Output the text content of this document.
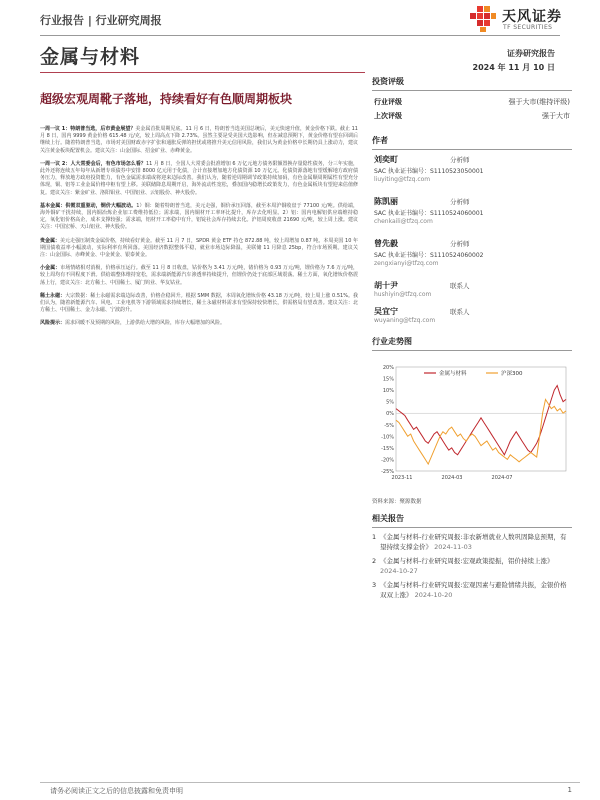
行业报告 | 行业研究周报	天风证券
TF SECURITIES
金属与材料	证券研究报告
2024 年 11 月 10 日
超级宏观周靴子落地，持续看好有色顺周期板块

一周一议 1：特朗普当选，后市黄金展望？美金属首批周期见底。11 月 6 日，特朗普当选美国总统后，美元快速升值，黄金价格下跌。截止 11 月 8 日，国内 9999 黄金价格 615.48 元/克，较上周高点下降 2.73%。虽然主要是受美国大选影响，但在减息预期下，黄金价格有望在回调后继续上行。随着特朗普当选，市场对美国财政赤字扩张和通胀反弹的担忧或将推升美元信用风险，我们认为黄金价格中长期仍具上涨动力，建议关注黄金板块配置机会。建议关注：山金国际、招金矿业、赤峰黄金。

一周一议 2：人大常委会后，有色市场怎么看？11 月 8 日，全国人大常委会批准增加 6 万亿元地方债务限额置换存量隐性债务，分三年实施，此外还将连续五年每年从新增专项债券中安排 8000 亿元用于化债，合计直接增加地方化债资源 10 万亿元。化债资源落地有望缓解地方政府债务压力，释放地方政府投资能力，有色金属需求端或将迎来边际改善。我们认为，随着逆周期调节政策持续加码，有色金属顺周期属性有望充分体现，铜、铝等工业金属价格中枢有望上移。美联储降息周期开启，海外流动性宽松，叠加国内稳增长政策发力，有色金属板块有望迎来估值修复。建议关注：紫金矿业、洛阳钼业、中国铝业、云铝股份、神火股份。

基本金属：供需双重驱动，铜价大幅波动。1）铜：随着特朗普当选，美元走强，铜价承压回落，截至本周沪铜收盘于 77100 元/吨。供给端，海外铜矿干扰持续，国内铜冶炼企业加工费维持低位；需求端，国内铜材开工率环比提升，库存去化明显。2）铝：国内电解铝供应端维持稳定，氧化铝价格高企，成本支撑较强；需求端，铝材开工率稳中有升，铝锭社会库存持续去化。沪铝周度收盘 21690 元/吨，较上周上涨。建议关注：中国宏桥、天山铝业、神火股份。

贵金属：美元走强压制贵金属价格，持续看好黄金。截至 11 月 7 日，SPDR 黄金 ETF 持仓 872.88 吨，较上周增加 0.87 吨。本周美国 10 年期国债收益率小幅波动，实际利率有所回落。美国经济数据整体平稳，就业市场边际降温，美联储 11 月降息 25bp，符合市场预期。建议关注：山金国际、赤峰黄金、中金黄金、银泰黄金。

小金属：市场情绪相对消极，价格承压运行。截至 11 月 8 日收盘，钴价格为 3.41 万元/吨，锗价格为 0.93 万元/吨，锂价格为 7.6 万元/吨，较上周均有不同程度下滑。供给端整体维持宽松，需求端新能源汽车渗透率持续提升，但锂价仍处于底部区域震荡。稀土方面，氧化镨钕价格震荡上行，建议关注：北方稀土、中国稀土、厦门钨业、华友钴业。

稀土永磁：大宗数据：稀土永磁需求端边际改善，价格企稳回升。根据 SMM 数据，本周氧化镨钕价格 43.18 万元/吨，较上周上涨 0.51%。我们认为，随着新能源汽车、风电、工业电机等下游领域需求持续增长，稀土永磁材料需求有望保持较快增长，供需格局有望改善。建议关注：北方稀土、中国稀土、金力永磁、宁波韵升。

风险提示：需求回暖不及预期的风险，上游供给大增的风险，库存大幅增加的风险。

投资评级
行业评级	强于大市(维持评级)
上次评级	强于大市
作者
刘奕町	分析师
SAC 执业证书编号：S1110523050001
liuyiting@tfzq.com
陈凯丽	分析师
SAC 执业证书编号：S1110524060001
chenkaili@tfzq.com
曾先毅	分析师
SAC 执业证书编号：S1110524060002
zengxianyi@tfzq.com
胡十尹	联系人
hushiyin@tfzq.com
吴宜宁	联系人
wuyaning@tfzq.com
行业走势图
20%
15%
10%
5%
0%
-5%
-10%
-15%
-20%
-25%
2023-11	2024-03	2024-07
金属与材料	沪深300
资料来源：聚源数据
相关报告
1 《金属与材料-行业研究周报:非农新增就业人数巩固降息预期，有望持续支撑金价》 2024-11-03
2 《金属与材料-行业研究周报:宏观政策提振，铝价持续上涨》 2024-10-27
3 《金属与材料-行业研究周报:宏观因素与避险情绪共振，金银价格双双上涨》 2024-10-20
请务必阅读正文之后的信息披露和免责申明	1
